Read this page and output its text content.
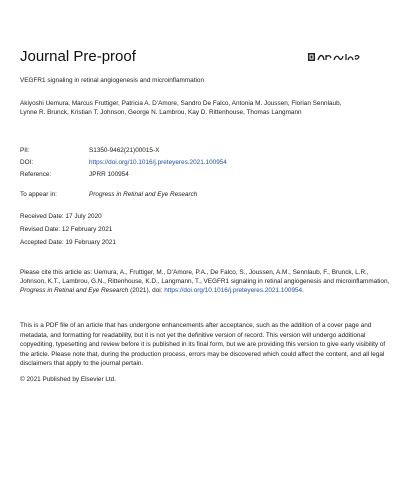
Journal Pre-proof
VEGFR1 signaling in retinal angiogenesis and microinflammation
Akiyoshi Uemura, Marcus Fruttiger, Patricia A. D’Amore, Sandro De Falco, Antonia M. Joussen, Florian Sennlaub, Lynne R. Brunck, Kristian T. Johnson, George N. Lambrou, Kay D. Rittenhouse, Thomas Langmann
PII:	S1350-9462(21)00015-X
DOI:	https://doi.org/10.1016/j.preteyeres.2021.100954
Reference:	JPRR 100954
To appear in:	Progress in Retinal and Eye Research
Received Date: 17 July 2020
Revised Date: 12 February 2021
Accepted Date: 19 February 2021
Please cite this article as: Uemura, A., Fruttiger, M., D’Amore, P.A., De Falco, S., Joussen, A.M., Sennlaub, F., Brunck, L.R., Johnson, K.T., Lambrou, G.N., Rittenhouse, K.D., Langmann, T., VEGFR1 signaling in retinal angiogenesis and microinflammation, Progress in Retinal and Eye Research (2021), doi: https://doi.org/10.1016/j.preteyeres.2021.100954.
This is a PDF file of an article that has undergone enhancements after acceptance, such as the addition of a cover page and metadata, and formatting for readability, but it is not yet the definitive version of record. This version will undergo additional copyediting, typesetting and review before it is published in its final form, but we are providing this version to give early visibility of the article. Please note that, during the production process, errors may be discovered which could affect the content, and all legal disclaimers that apply to the journal pertain.
© 2021 Published by Elsevier Ltd.
